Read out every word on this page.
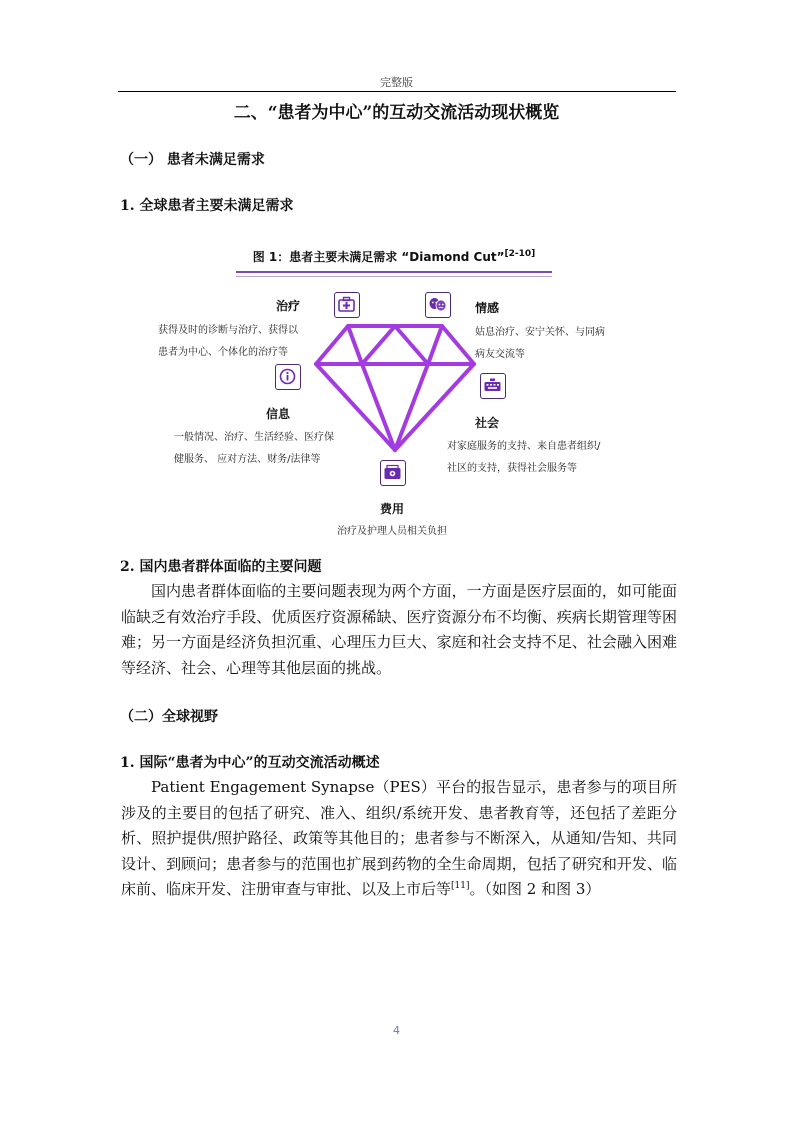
完整版
二、“患者为中心”的互动交流活动现状概览
（一） 患者未满足需求
1. 全球患者主要未满足需求
图 1：患者主要未满足需求 “Diamond Cut”[2-10]
治疗
获得及时的诊断与治疗、获得以
患者为中心、个体化的治疗等
情感
姑息治疗、安宁关怀、与同病
病友交流等
信息
一般情况、治疗、生活经验、医疗保
健服务、 应对方法、财务/法律等
社会
对家庭服务的支持、来自患者组织/
社区的支持，获得社会服务等
费用
治疗及护理人员相关负担
2. 国内患者群体面临的主要问题

国内患者群体面临的主要问题表现为两个方面，一方面是医疗层面的，如可能面临缺乏有效治疗手段、优质医疗资源稀缺、医疗资源分布不均衡、疾病长期管理等困难；另一方面是经济负担沉重、心理压力巨大、家庭和社会支持不足、社会融入困难等经济、社会、心理等其他层面的挑战。

（二）全球视野
1. 国际“患者为中心”的互动交流活动概述

Patient Engagement Synapse（PES）平台的报告显示，患者参与的项目所涉及的主要目的包括了研究、准入、组织/系统开发、患者教育等，还包括了差距分析、照护提供/照护路径、政策等其他目的；患者参与不断深入，从通知/告知、共同设计、到顾问；患者参与的范围也扩展到药物的全生命周期，包括了研究和开发、临床前、临床开发、注册审查与审批、以及上市后等[11]。（如图 2 和图 3）

4
